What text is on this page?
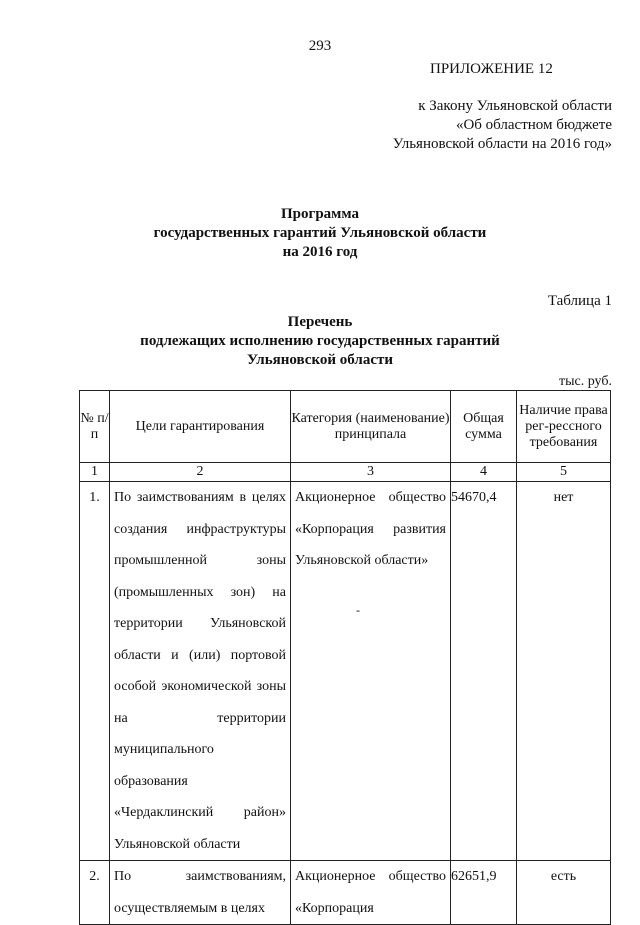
293
ПРИЛОЖЕНИЕ 12
к Закону Ульяновской области
«Об областном бюджете
Ульяновской области на 2016 год»
Программа
государственных гарантий Ульяновской области
на 2016 год
Таблица 1
Перечень
подлежащих исполнению государственных гарантий
Ульяновской области
тыс. руб.
№ п/п	Цели гарантирования	Категория (наименование) принципала	Общая сумма	Наличие права рег-рессного требования
1	2	3	4	5
1.	По заимствованиям в целях создания инфраструктуры промышленной зоны (промышленных зон) на территории Ульяновской области и (или) портовой особой экономической зоны на территории муниципального образования «Чердаклинский район» Ульяновской области	Акционерное общество «Корпорация развития Ульяновской области»	54670,4	нет
2.	По заимствованиям, осуществляемым в целях	Акционерное общество «Корпорация	62651,9	есть
-
